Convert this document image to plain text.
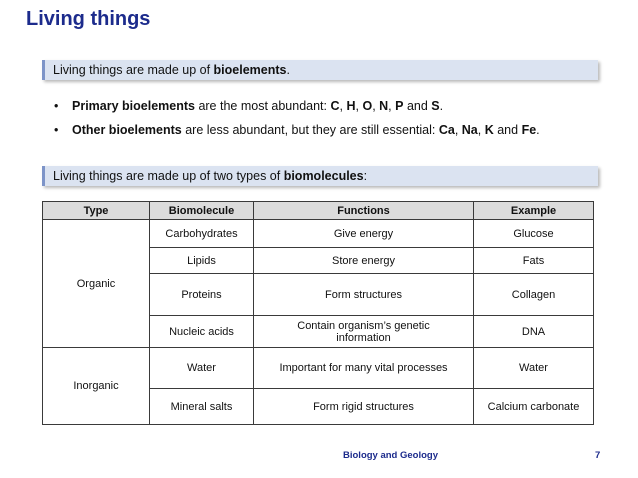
Living things
Living things are made up of bioelements.
• Primary bioelements are the most abundant: C, H, O, N, P and S.
• Other bioelements are less abundant, but they are still essential: Ca, Na, K and Fe.
Living things are made up of two types of biomolecules:
Type	Biomolecule	Functions	Example
Organic	Carbohydrates	Give energy	Glucose
	Lipids	Store energy	Fats
	Proteins	Form structures	Collagen
	Nucleic acids	Contain organism’s genetic information	DNA
Inorganic	Water	Important for many vital processes	Water
	Mineral salts	Form rigid structures	Calcium carbonate
Biology and Geology	7
